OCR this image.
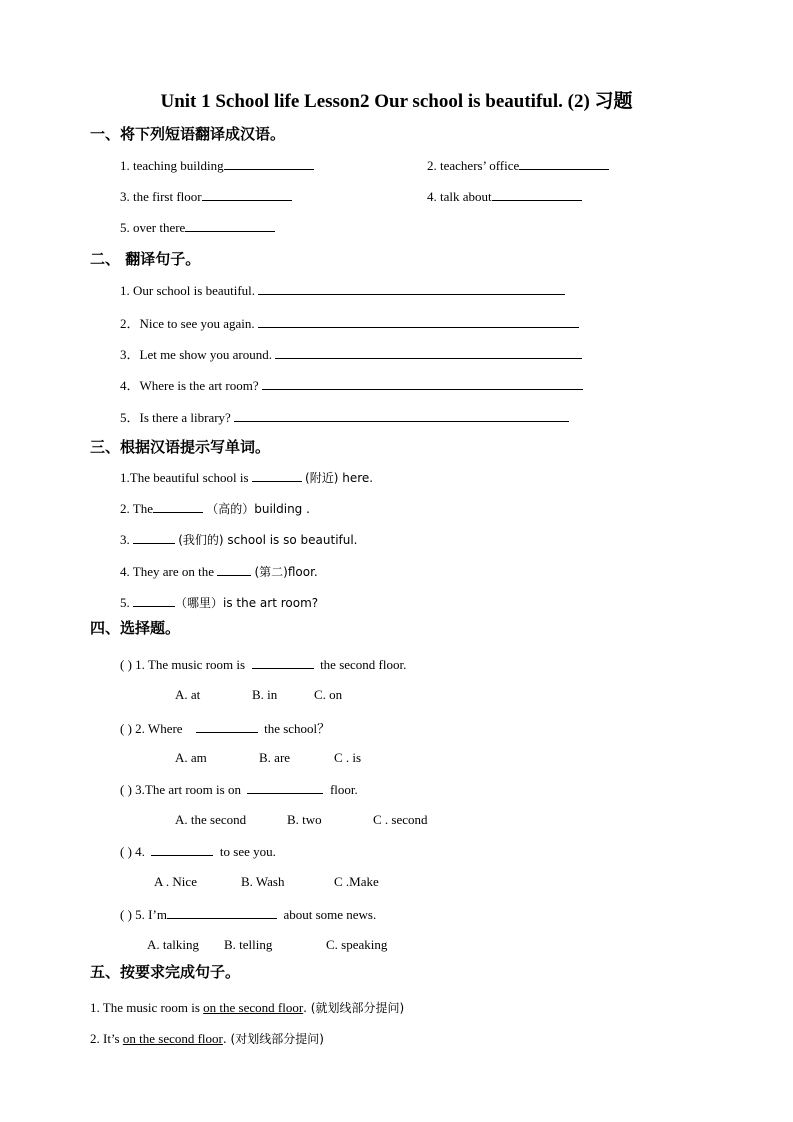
Unit 1 School life Lesson2 Our school is beautiful. (2) 习题
一、将下列短语翻译成汉语。
1. teaching building	2. teachers’ office
3. the first floor	4. talk about
5. over there
二、 翻译句子。
1. Our school is beautiful.
2．Nice to see you again.
3．Let me show you around.
4．Where is the art room?
5．Is there a library?
三、根据汉语提示写单词。
1.The beautiful school is	(附近) here.
2. The	（高的）building .
3.	(我们的) school is so beautiful.
4. They are on the	(第二)floor.
5.	（哪里）is the art room?
四、选择题。
( ) 1. The music room is	the second floor.
A. at	B. in	C. on
( ) 2. Where	the school？
A. am	B. are	C . is
( ) 3.The art room is on	floor.
A. the second	B. two	C . second
( ) 4.	to see you.
A . Nice	B. Wash	C .Make
( ) 5. I’m	about some news.
A. talking B. telling	C. speaking
五、按要求完成句子。
1. The music room is on the second floor. (就划线部分提问)
2. It’s on the second floor. (对划线部分提问)
